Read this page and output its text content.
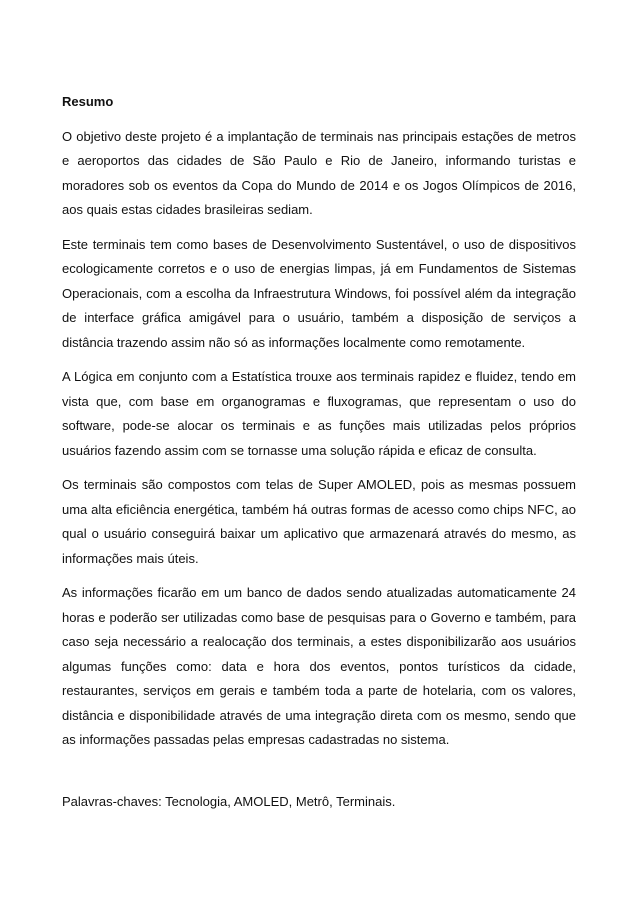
Resumo

O objetivo deste projeto é a implantação de terminais nas principais estações de metros e aeroportos das cidades de São Paulo e Rio de Janeiro, informando turistas e moradores sob os eventos da Copa do Mundo de 2014 e os Jogos Olímpicos de 2016, aos quais estas cidades brasileiras sediam.

Este terminais tem como bases de Desenvolvimento Sustentável, o uso de dispositivos ecologicamente corretos e o uso de energias limpas, já em Fundamentos de Sistemas Operacionais, com a escolha da Infraestrutura Windows, foi possível além da integração de interface gráfica amigável para o usuário, também a disposição de serviços a distância trazendo assim não só as informações localmente como remotamente.

A Lógica em conjunto com a Estatística trouxe aos terminais rapidez e fluidez, tendo em vista que, com base em organogramas e fluxogramas, que representam o uso do software, pode-se alocar os terminais e as funções mais utilizadas pelos próprios usuários fazendo assim com se tornasse uma solução rápida e eficaz de consulta.

Os terminais são compostos com telas de Super AMOLED, pois as mesmas possuem uma alta eficiência energética, também há outras formas de acesso como chips NFC, ao qual o usuário conseguirá baixar um aplicativo que armazenará através do mesmo, as informações mais úteis.

As informações ficarão em um banco de dados sendo atualizadas automaticamente 24 horas e poderão ser utilizadas como base de pesquisas para o Governo e também, para caso seja necessário a realocação dos terminais, a estes disponibilizarão aos usuários algumas funções como: data e hora dos eventos, pontos turísticos da cidade, restaurantes, serviços em gerais e também toda a parte de hotelaria, com os valores, distância e disponibilidade através de uma integração direta com os mesmo, sendo que as informações passadas pelas empresas cadastradas no sistema.

Palavras-chaves: Tecnologia, AMOLED, Metrô, Terminais.
